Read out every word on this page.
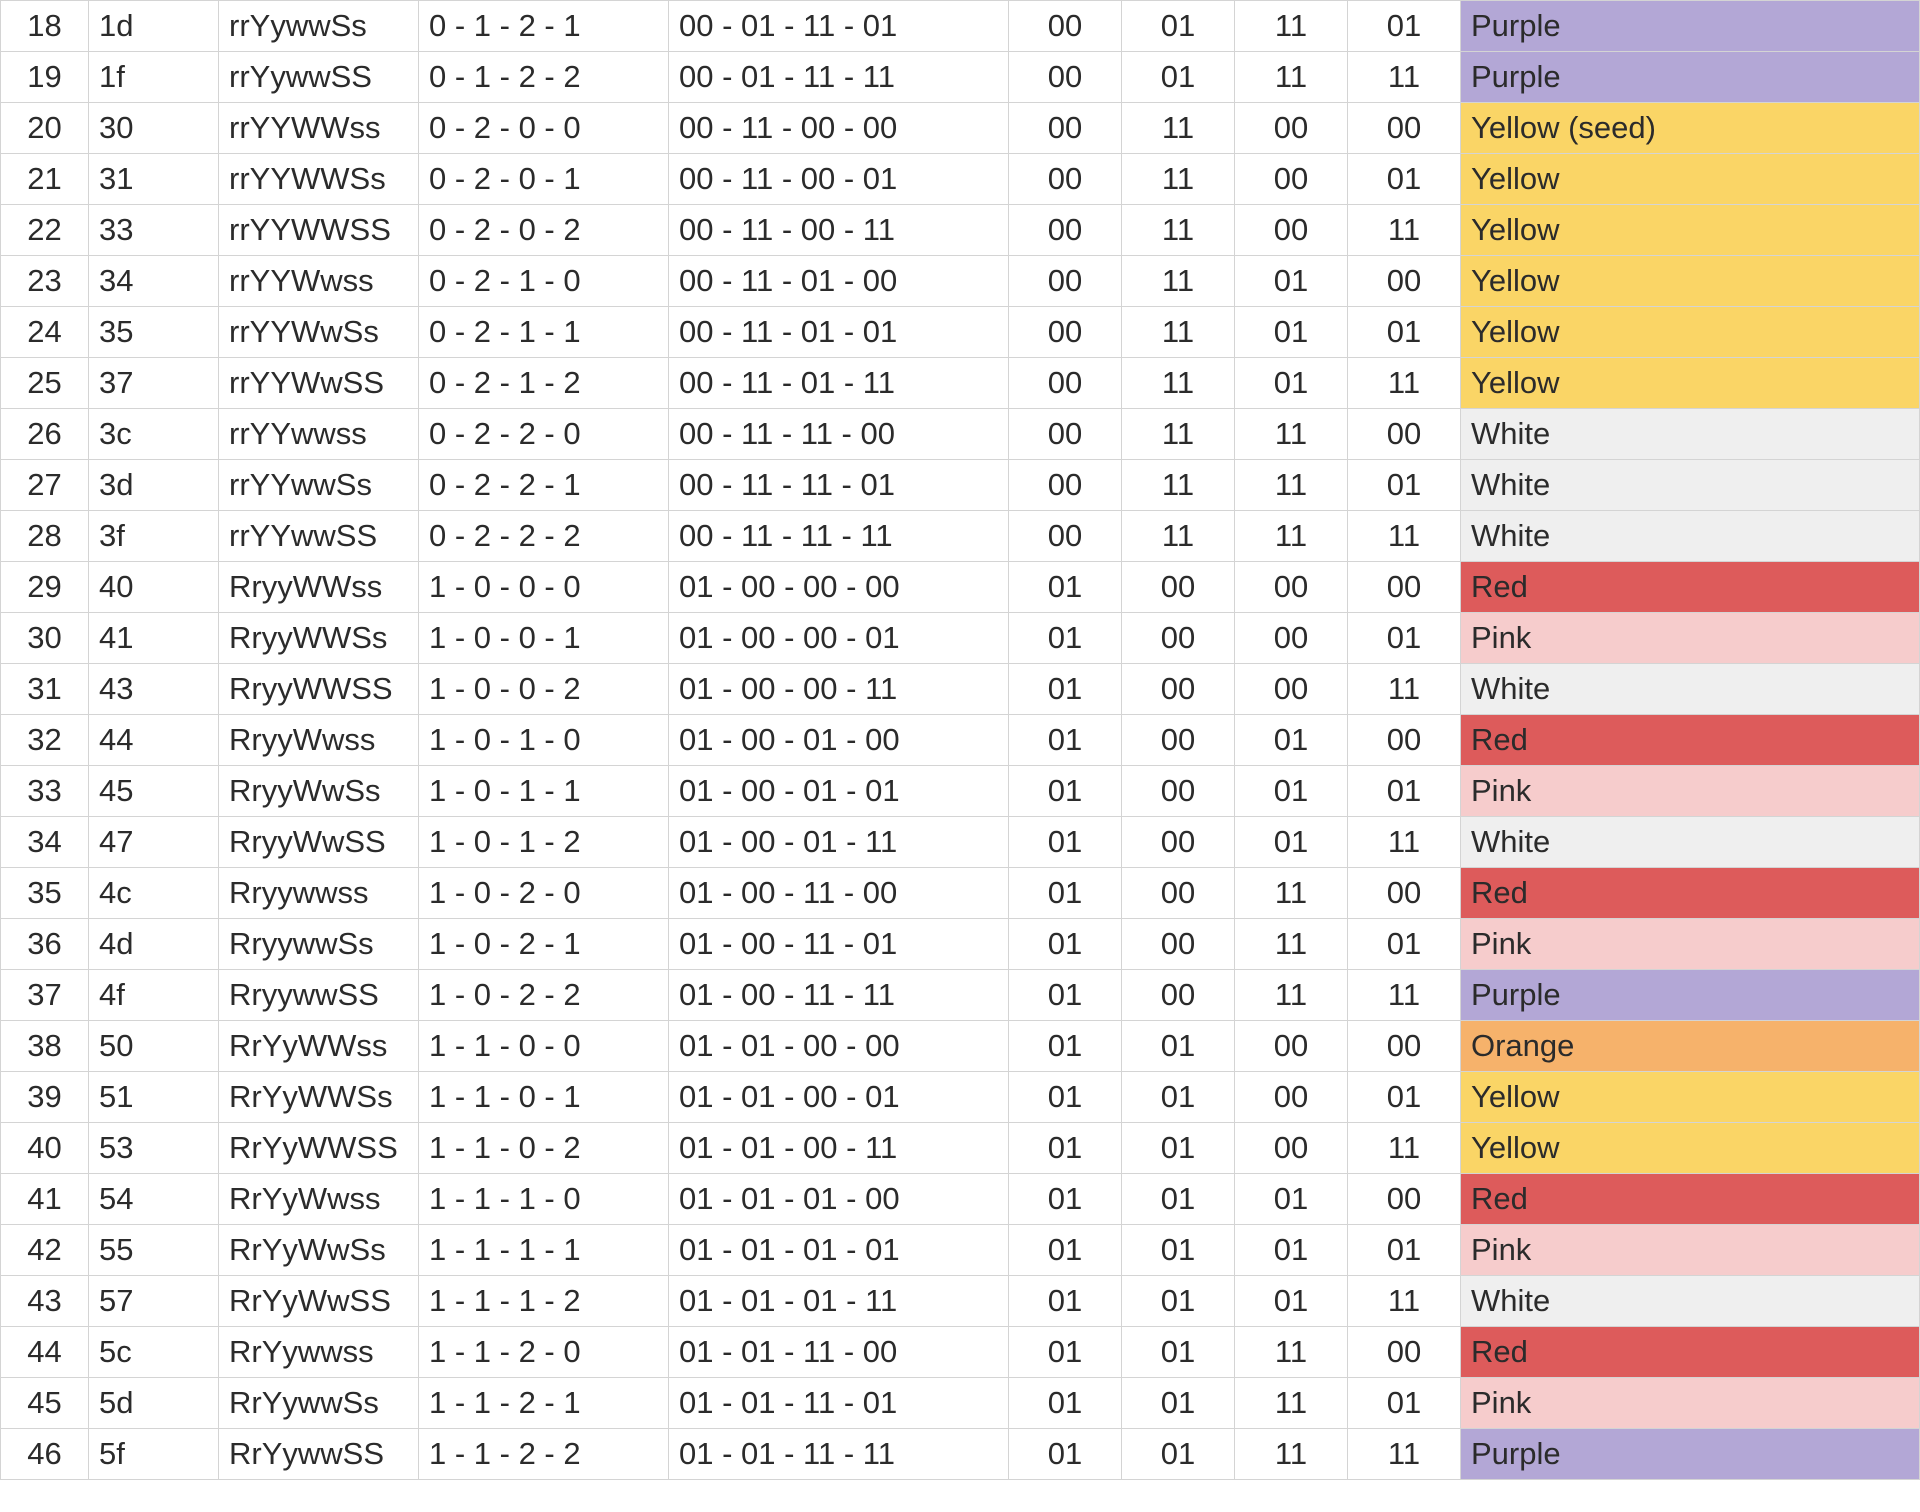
18	1d	rrYywwSs	0 - 1 - 2 - 1	00 - 01 - 11 - 01	00	01	11	01	Purple
19	1f	rrYywwSS	0 - 1 - 2 - 2	00 - 01 - 11 - 11	00	01	11	11	Purple
20	30	rrYYWWss	0 - 2 - 0 - 0	00 - 11 - 00 - 00	00	11	00	00	Yellow (seed)
21	31	rrYYWWSs	0 - 2 - 0 - 1	00 - 11 - 00 - 01	00	11	00	01	Yellow
22	33	rrYYWWSS	0 - 2 - 0 - 2	00 - 11 - 00 - 11	00	11	00	11	Yellow
23	34	rrYYWwss	0 - 2 - 1 - 0	00 - 11 - 01 - 00	00	11	01	00	Yellow
24	35	rrYYWwSs	0 - 2 - 1 - 1	00 - 11 - 01 - 01	00	11	01	01	Yellow
25	37	rrYYWwSS	0 - 2 - 1 - 2	00 - 11 - 01 - 11	00	11	01	11	Yellow
26	3c	rrYYwwss	0 - 2 - 2 - 0	00 - 11 - 11 - 00	00	11	11	00	White
27	3d	rrYYwwSs	0 - 2 - 2 - 1	00 - 11 - 11 - 01	00	11	11	01	White
28	3f	rrYYwwSS	0 - 2 - 2 - 2	00 - 11 - 11 - 11	00	11	11	11	White
29	40	RryyWWss	1 - 0 - 0 - 0	01 - 00 - 00 - 00	01	00	00	00	Red
30	41	RryyWWSs	1 - 0 - 0 - 1	01 - 00 - 00 - 01	01	00	00	01	Pink
31	43	RryyWWSS	1 - 0 - 0 - 2	01 - 00 - 00 - 11	01	00	00	11	White
32	44	RryyWwss	1 - 0 - 1 - 0	01 - 00 - 01 - 00	01	00	01	00	Red
33	45	RryyWwSs	1 - 0 - 1 - 1	01 - 00 - 01 - 01	01	00	01	01	Pink
34	47	RryyWwSS	1 - 0 - 1 - 2	01 - 00 - 01 - 11	01	00	01	11	White
35	4c	Rryywwss	1 - 0 - 2 - 0	01 - 00 - 11 - 00	01	00	11	00	Red
36	4d	RryywwSs	1 - 0 - 2 - 1	01 - 00 - 11 - 01	01	00	11	01	Pink
37	4f	RryywwSS	1 - 0 - 2 - 2	01 - 00 - 11 - 11	01	00	11	11	Purple
38	50	RrYyWWss	1 - 1 - 0 - 0	01 - 01 - 00 - 00	01	01	00	00	Orange
39	51	RrYyWWSs	1 - 1 - 0 - 1	01 - 01 - 00 - 01	01	01	00	01	Yellow
40	53	RrYyWWSS	1 - 1 - 0 - 2	01 - 01 - 00 - 11	01	01	00	11	Yellow
41	54	RrYyWwss	1 - 1 - 1 - 0	01 - 01 - 01 - 00	01	01	01	00	Red
42	55	RrYyWwSs	1 - 1 - 1 - 1	01 - 01 - 01 - 01	01	01	01	01	Pink
43	57	RrYyWwSS	1 - 1 - 1 - 2	01 - 01 - 01 - 11	01	01	01	11	White
44	5c	RrYywwss	1 - 1 - 2 - 0	01 - 01 - 11 - 00	01	01	11	00	Red
45	5d	RrYywwSs	1 - 1 - 2 - 1	01 - 01 - 11 - 01	01	01	11	01	Pink
46	5f	RrYywwSS	1 - 1 - 2 - 2	01 - 01 - 11 - 11	01	01	11	11	Purple
